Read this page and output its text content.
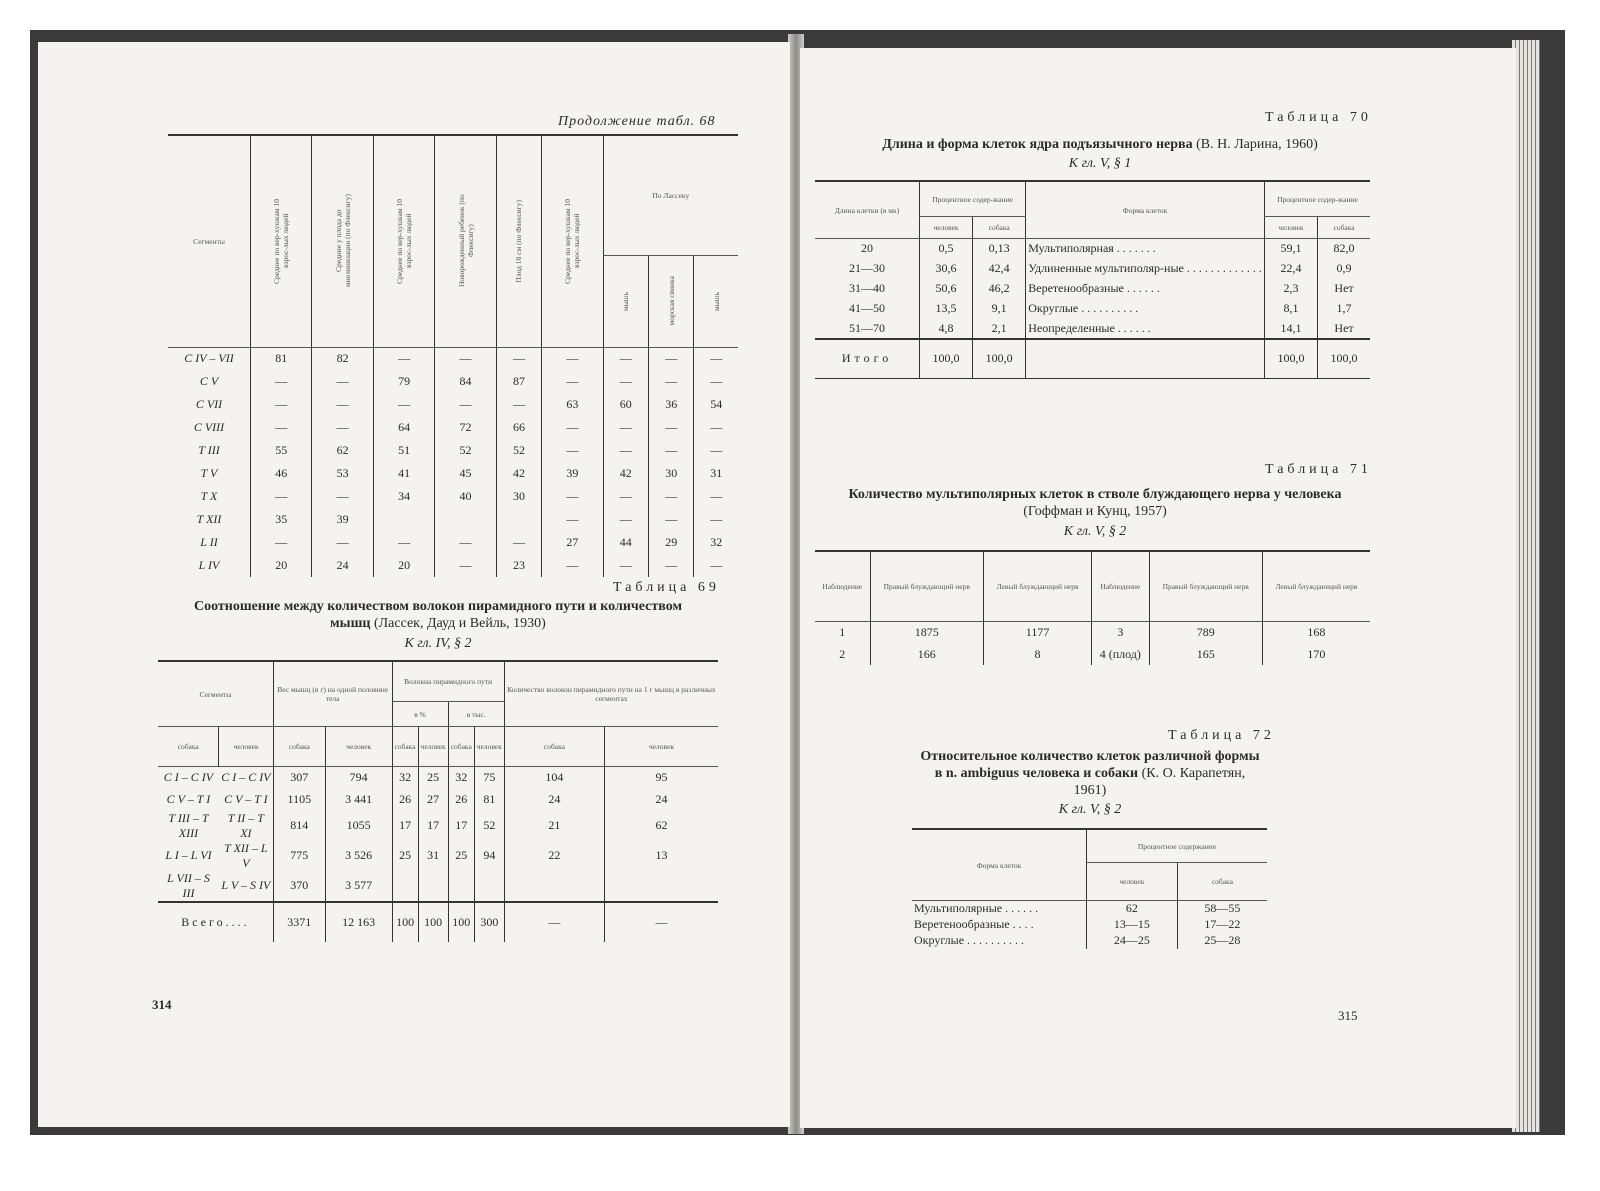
Продолжение табл. 68
Сегменты	Среднее по вер-хушкам 10 взрос-лых людей	Средние у плода до миелинизации (по Флексигу)	Среднее по вер-хушкам 10 взрос-лых людей	Новорожденный ребенок (по Флексигу)	Плод 18 см (по Флексигу)	Среднее по вер-хушкам 10 взрос-лых людей	По Лассеку		

							мышь	морская свинка	мышь

C IV – VII	81	82	—	—	—	—	—	—	—
C V	—	—	79	84	87	—	—	—	—
C VII	—	—	—	—	—	63	60	36	54
C VIII	—	—	64	72	66	—	—	—	—
T III	55	62	51	52	52	—	—	—	—
T V	46	53	41	45	42	39	42	30	31
T X	—	—	34	40	30	—	—	—	—
T XII	35	39				—	—	—	—
L II	—	—	—	—	—	27	44	29	32
L IV	20	24	20	—	23	—	—	—	—
Таблица 69
Соотношение между количеством волокон пирамидного пути и количеством мышц (Лассек, Дауд и Вейль, 1930)
К гл. IV, § 2
Сегменты		Вес мышц (в г) на одной половине тела		Волокна пирамидного пути				Количество волокон пирамидного пути на 1 г мышц в различных сегментах	
				в %		в тыс.			
собака	человек	собака	человек	собака	человек	собака	человек	собака	человек
C I – C IV	C I – C IV	307	794	32	25	32	75	104	95
C V – T I	C V – T I	1105	3 441	26	27	26	81	24	24
T III – T XIII	T II – T XI	814	1055	17	17	17	52	21	62
L I – L VI	T XII – L V	775	3 526	25	31	25	94	22	13
L VII – S III	L V – S IV	370	3 577						
Всего....		3371	12 163	100	100	100	300	—	—
314
Таблица 70
Длина и форма клеток ядра подъязычного нерва (В. Н. Ларина, 1960)
К гл. V, § 1
Длина клетки (в мк)	Процентное содер-жание		Форма клеток	Процентное содер-жание	
	человек	собака		человек	собака
20	0,5	0,13	Мультиполярная . . . . . . .	59,1	82,0
21—30	30,6	42,4	Удлиненные мультиполяр-ные . . . . . . . . . . . . .	22,4	0,9
31—40	50,6	46,2	Веретенообразные . . . . . .	2,3	Нет
41—50	13,5	9,1	Округлые . . . . . . . . . .	8,1	1,7
51—70	4,8	2,1	Неопределенные . . . . . .	14,1	Нет
Итого	100,0	100,0		100,0	100,0
Таблица 71
Количество мультиполярных клеток в стволе блуждающего нерва у человека (Гоффман и Кунц, 1957)
К гл. V, § 2
Наблюдение	Правый блуждающий нерв	Левый блуждающий нерв	Наблюдение	Правый блуждающий нерв	Левый блуждающий нерв
1	1875	1177	3	789	168
2	166	8	4 (плод)	165	170
Таблица 72
Относительное количество клеток различной формы в n. ambiguus человека и собаки (К. О. Карапетян, 1961)
К гл. V, § 2
Форма клеток	Процентное содержание	
	человек	собака
Мультиполярные . . . . . .	62	58—55
Веретенообразные . . . .	13—15	17—22
Округлые . . . . . . . . . .	24—25	25—28
315
